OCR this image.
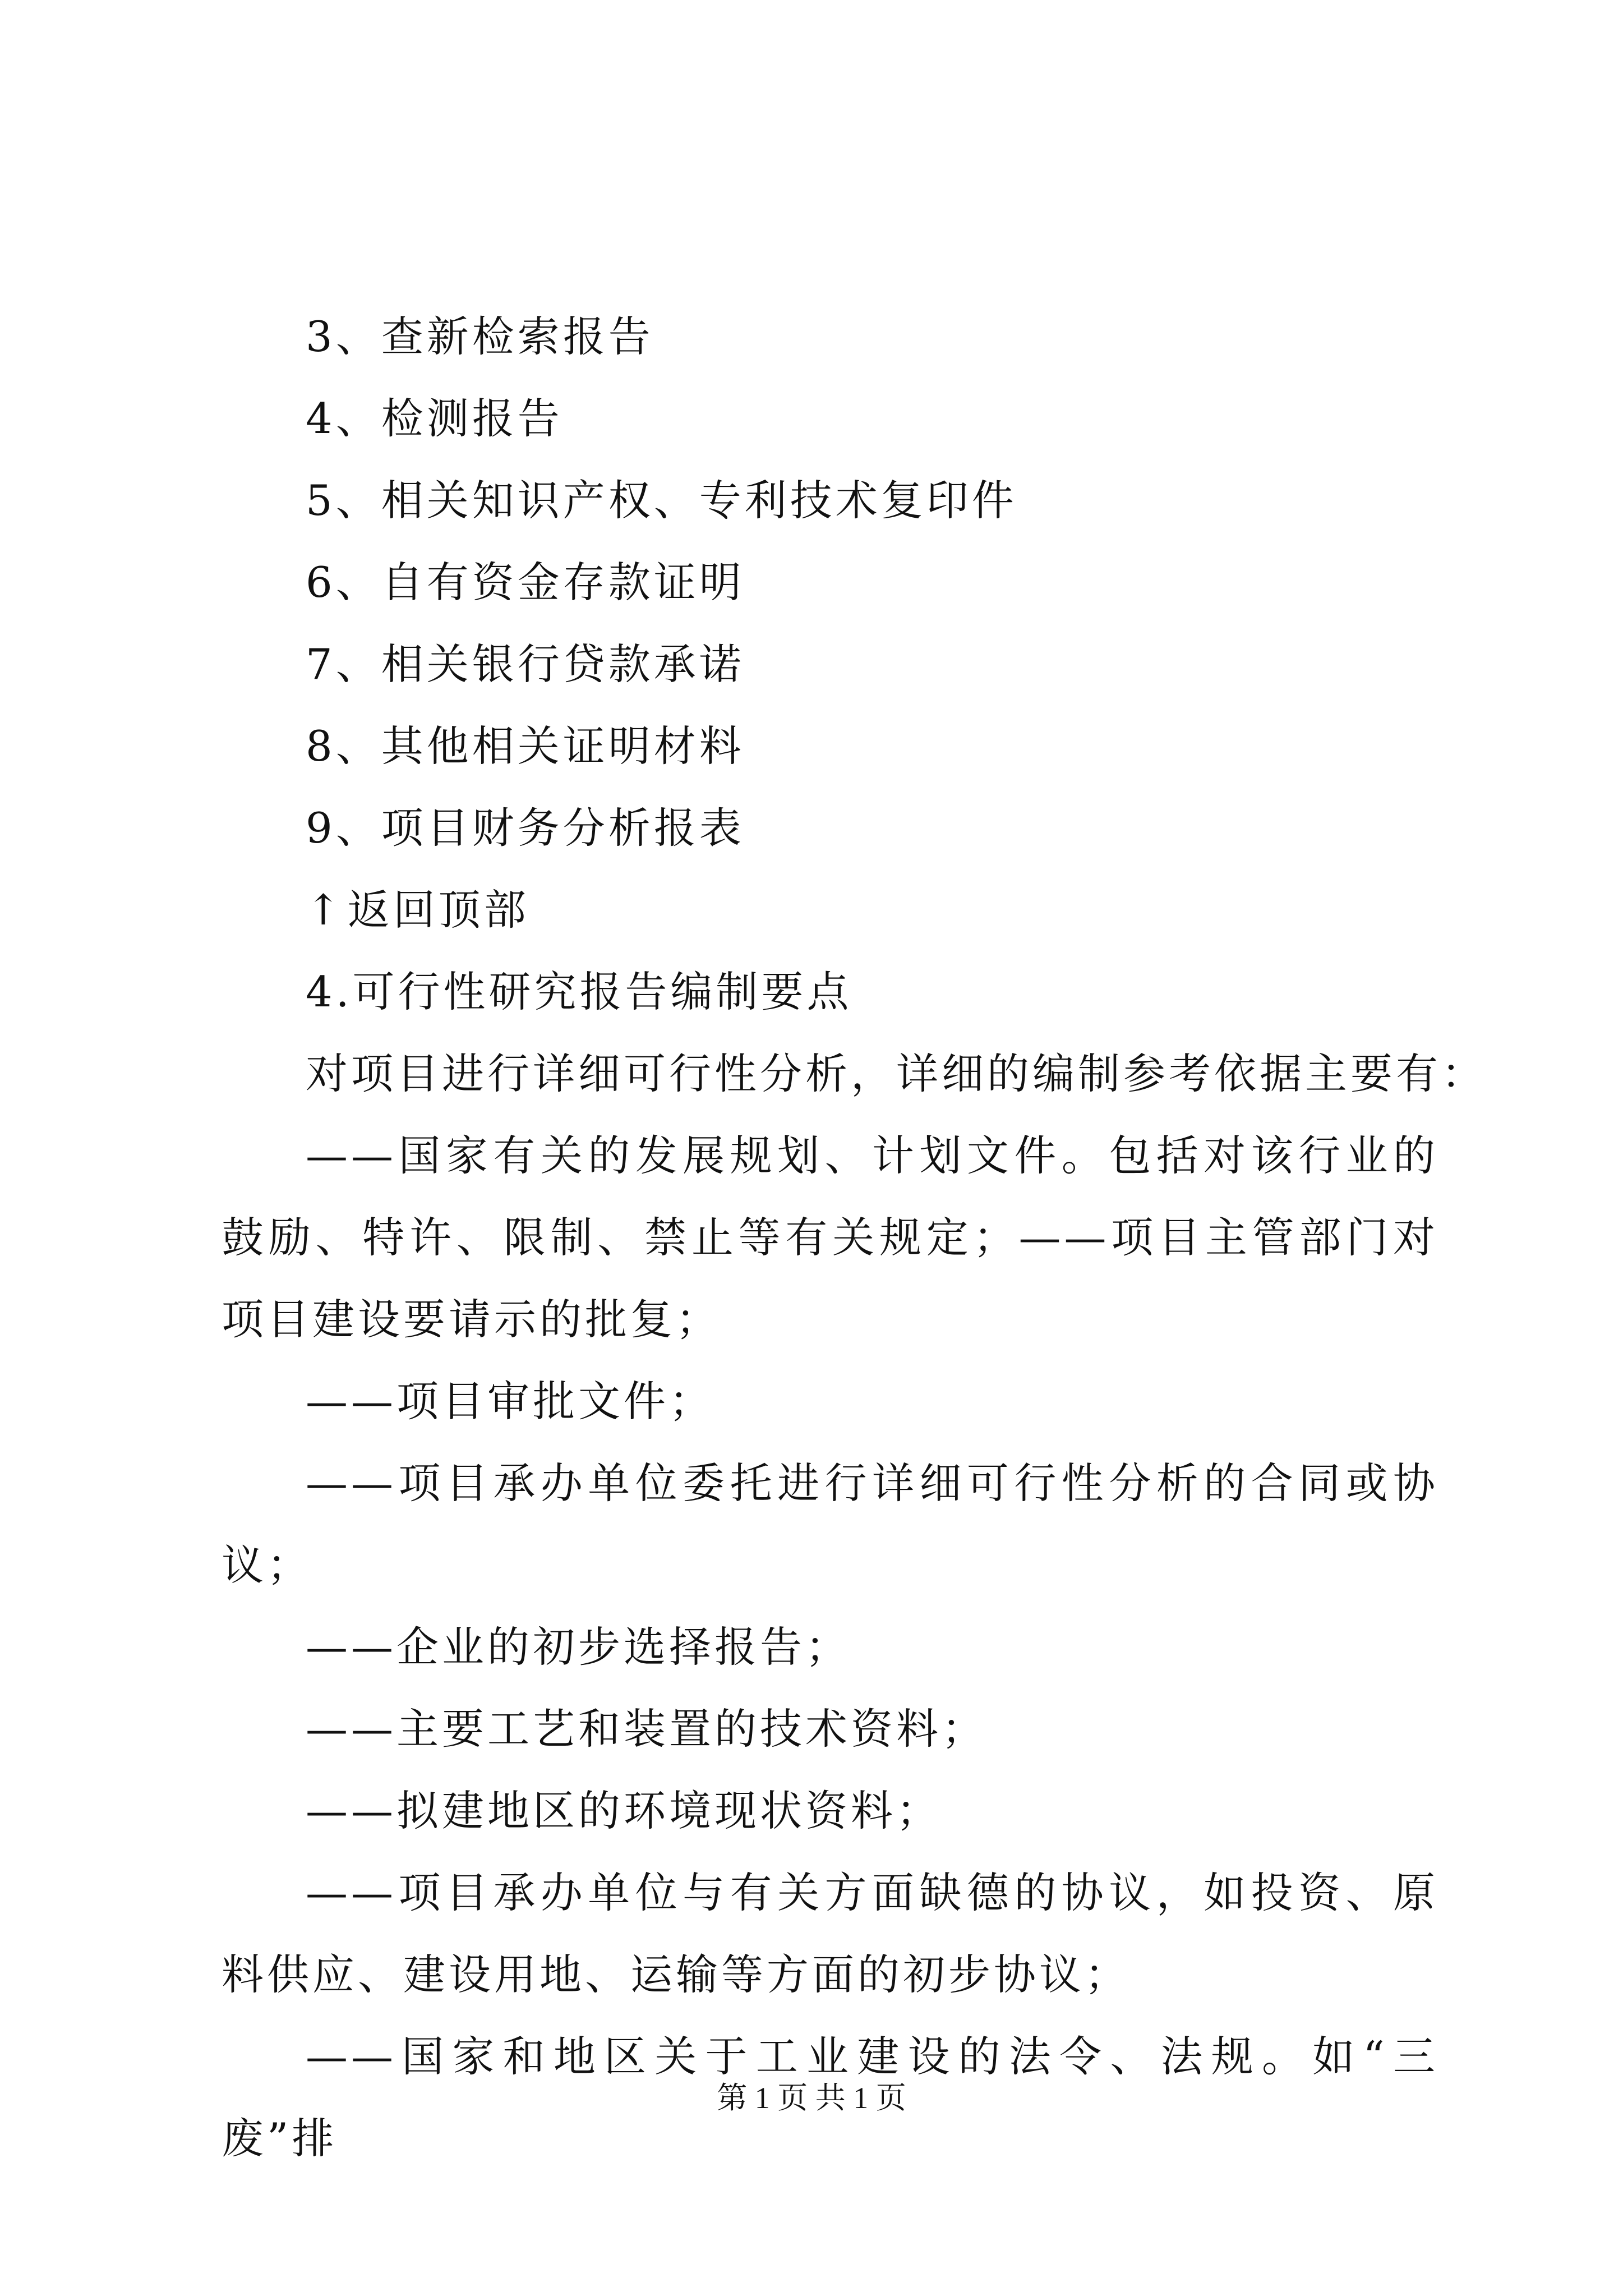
3、查新检索报告
4、检测报告
5、相关知识产权、专利技术复印件
6、自有资金存款证明
7、相关银行贷款承诺
8、其他相关证明材料
9、项目财务分析报表
↑返回顶部
4.可行性研究报告编制要点
对项目进行详细可行性分析，详细的编制参考依据主要有：
——国家有关的发展规划、计划文件。包括对该行业的鼓励、特许、限制、禁止等有关规定；——项目主管部门对项目建设要请示的批复；
——项目审批文件；
——项目承办单位委托进行详细可行性分析的合同或协议；
——企业的初步选择报告；
——主要工艺和装置的技术资料；
——拟建地区的环境现状资料；
——项目承办单位与有关方面缺德的协议，如投资、原料供应、建设用地、运输等方面的初步协议；
——国家和地区关于工业建设的法令、法规。如“三废”排
第 1 页 共 1 页
